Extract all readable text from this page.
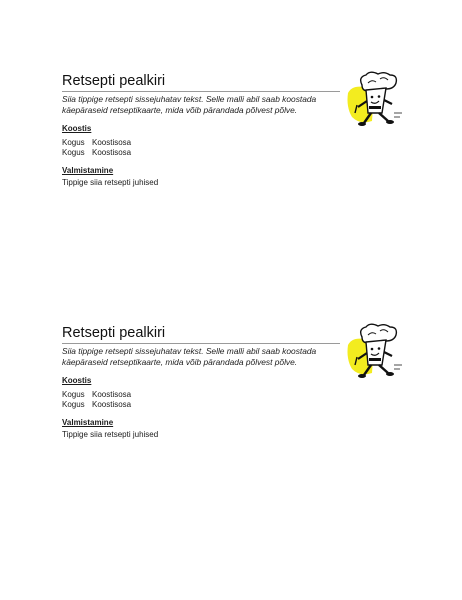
Retsepti pealkiri
Siia tippige retsepti sissejuhatav tekst. Selle malli abil saab koostada käepäraseid retseptikaarte, mida võib pärandada põlvest põlve.
Koostis
Kogus Koostisosa
Kogus Koostisosa
Valmistamine
Tippige siia retsepti juhised
Retsepti pealkiri
Siia tippige retsepti sissejuhatav tekst. Selle malli abil saab koostada käepäraseid retseptikaarte, mida võib pärandada põlvest põlve.
Koostis
Kogus Koostisosa
Kogus Koostisosa
Valmistamine
Tippige siia retsepti juhised
